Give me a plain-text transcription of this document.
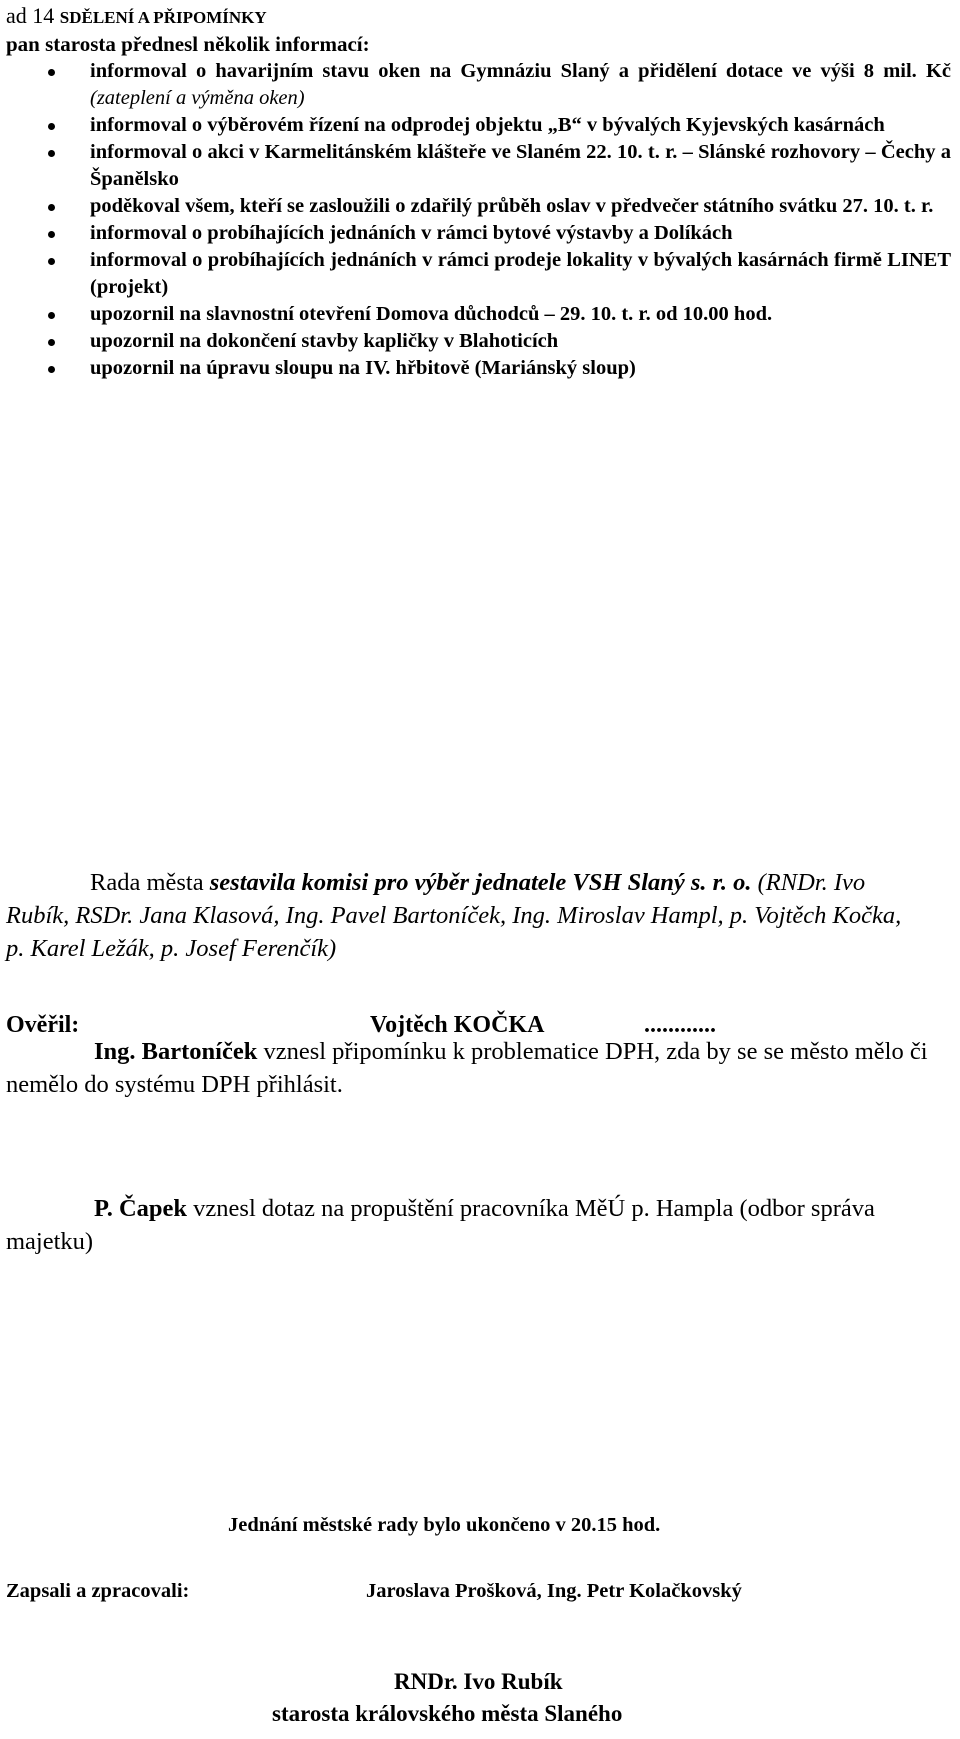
ad 14 SDĚLENÍ A PŘIPOMÍNKY
pan starosta přednesl několik informací:
informoval o havarijním stavu oken na Gymnáziu Slaný a přidělení dotace ve výši 8 mil. Kč (zateplení a výměna oken)
informoval o výběrovém řízení na odprodej objektu „B“ v bývalých Kyjevských kasárnách
informoval o akci v Karmelitánském klášteře ve Slaném 22. 10. t. r. – Slánské rozhovory – Čechy a Španělsko
poděkoval všem, kteří se zasloužili o zdařilý průběh oslav v předvečer státního svátku 27. 10. t. r.
informoval o probíhajících jednáních v rámci bytové výstavby a Dolíkách
informoval o probíhajících jednáních v rámci prodeje lokality v bývalých kasárnách firmě LINET (projekt)
upozornil na slavnostní otevření Domova důchodců – 29. 10. t. r. od 10.00 hod.
upozornil na dokončení stavby kapličky v Blahoticích
upozornil na úpravu sloupu na IV. hřbitově (Mariánský sloup)
Rada města sestavila komisi pro výběr jednatele VSH Slaný s. r. o. (RNDr. Ivo Rubík, RSDr. Jana Klasová, Ing. Pavel Bartoníček, Ing. Miroslav Hampl, p. Vojtěch Kočka, p. Karel Ležák, p. Josef Ferenčík)
Ing. Bartoníček vznesl připomínku k problematice DPH, zda by se se město mělo či nemělo do systému DPH přihlásit.
P. Čapek vznesl dotaz na propuštění pracovníka MěÚ p. Hampla (odbor správa majetku)
Jednání městské rady bylo ukončeno v 20.15 hod.
Zapsali a zpracovali:	Jaroslava Prošková, Ing. Petr Kolačkovský
Ověřil:	Vojtěch KOČKA	............
RNDr. Ivo Rubík
starosta královského města Slaného
